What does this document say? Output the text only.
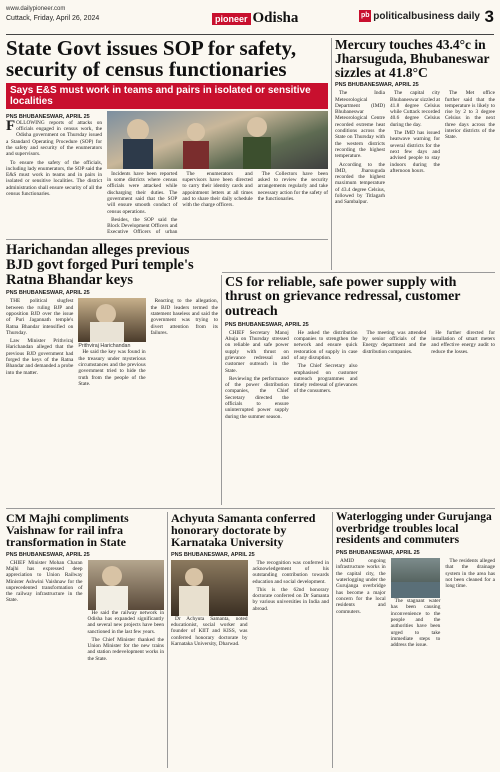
www.dailypioneer.com
Cuttack, Friday, April 26, 2024	pioneer Odisha	pb politicalbusiness daily 3
State Govt issues SOP for safety, security of census functionaries
Says E&S must work in teams and pairs in isolated or sensitive localities
PNS BHUBANESWAR, APRIL 25

FOLLOWING reports of attacks on officials engaged in census work, the Odisha government on Thursday issued a Standard Operating Procedure (SOP) for the safety and security of the enumerators and supervisors.

To ensure the safety of the officials, including lady enumerators, the SOP said the E&S must work in teams and in pairs in isolated or sensitive localities. The district administration shall ensure security of all the census functionaries.

Incidents have been reported in some districts where census officials were attacked while discharging their duties. The government said that the SOP will ensure smooth conduct of census operations.

Besides, the SOP said the Block Development Officers and Executive Officers of urban

The enumerators and supervisors have been directed to carry their identity cards and appointment letters at all times and to share their daily schedule with the charge officers.

The Collectors have been asked to review the security arrangements regularly and take necessary action for the safety of the functionaries.

Mercury touches 43.4°c in Jharsuguda, Bhubaneswar sizzles at 41.8°C
PNS BHUBANESWAR, APRIL 25

The India Meteorological Department (IMD) Bhubaneswar Meteorological Centre recorded extreme heat conditions across the State on Thursday with the western districts recording the highest temperature.

According to the IMD, Jharsuguda recorded the highest maximum temperature of 43.4 degree Celsius, followed by Titlagarh and Sambalpur.

The capital city Bhubaneswar sizzled at 41.8 degree Celsius while Cuttack recorded 40.6 degree Celsius during the day.

The IMD has issued heatwave warning for several districts for the next few days and advised people to stay indoors during the afternoon hours.

The Met office further said that the temperature is likely to rise by 2 to 3 degree Celsius in the next three days across the interior districts of the State.

Harichandan alleges previous BJD govt forged Puri temple's Ratna Bhandar keys
PNS BHUBANESWAR, APRIL 25

THE political slugfest between the ruling BJP and opposition BJD over the issue of Puri Jagannath temple's Ratna Bhandar intensified on Thursday.

Law Minister Prithviraj Harichandan alleged that the previous BJD government had forged the keys of the Ratna Bhandar and demanded a probe into the matter.

Prithviraj Harichandan

He said the key was found in the treasury under mysterious circumstances and the previous government tried to hide the truth from the people of the State.

Reacting to the allegation, the BJD leaders termed the statement baseless and said the government was trying to divert attention from its failures.

CS for reliable, safe power supply with thrust on grievance redressal, customer outreach
PNS BHUBANESWAR, APRIL 25

CHIEF Secretary Manoj Ahuja on Thursday stressed on reliable and safe power supply with thrust on grievance redressal and customer outreach in the State.

Reviewing the performance of the power distribution companies, the Chief Secretary directed the officials to ensure uninterrupted power supply during the summer season.

He asked the distribution companies to strengthen the network and ensure quick restoration of supply in case of any disruption.

The Chief Secretary also emphasised on customer outreach programmes and timely redressal of grievances of the consumers.

The meeting was attended by senior officials of the Energy department and the distribution companies.

He further directed for installation of smart meters and effective energy audit to reduce the losses.

CM Majhi compliments Vaishnaw for rail infra transformation in State
PNS BHUBANESWAR, APRIL 25

CHIEF Minister Mohan Charan Majhi has expressed deep appreciation to Union Railway Minister Ashwini Vaishnaw for the unprecedented transformation of the railway infrastructure in the State.

He said the railway network in Odisha has expanded significantly and several new projects have been sanctioned in the last few years.

The Chief Minister thanked the Union Minister for the new trains and station redevelopment works in the State.

Achyuta Samanta conferred honorary doctorate by Karnataka University
PNS BHUBANESWAR, APRIL 25

Dr Achyuta Samanta, noted educationist, social worker and founder of KIIT and KISS, was conferred honorary doctorate by Karnataka University, Dharwad.

The recognition was conferred in acknowledgement of his outstanding contribution towards education and social development.

This is the 62nd honorary doctorate conferred on Dr Samanta by various universities in India and abroad.

Waterlogging under Gurujanga overbridge troubles local residents and commuters
PNS BHUBANESWAR, APRIL 25

AMID ongoing infrastructure works in the capital city, the waterlogging under the Gurujanga overbridge has become a major concern for the local residents and commuters.

The stagnant water has been causing inconvenience to the people and the authorities have been urged to take immediate steps to address the issue.

The residents alleged that the drainage system in the area has not been cleaned for a long time.
